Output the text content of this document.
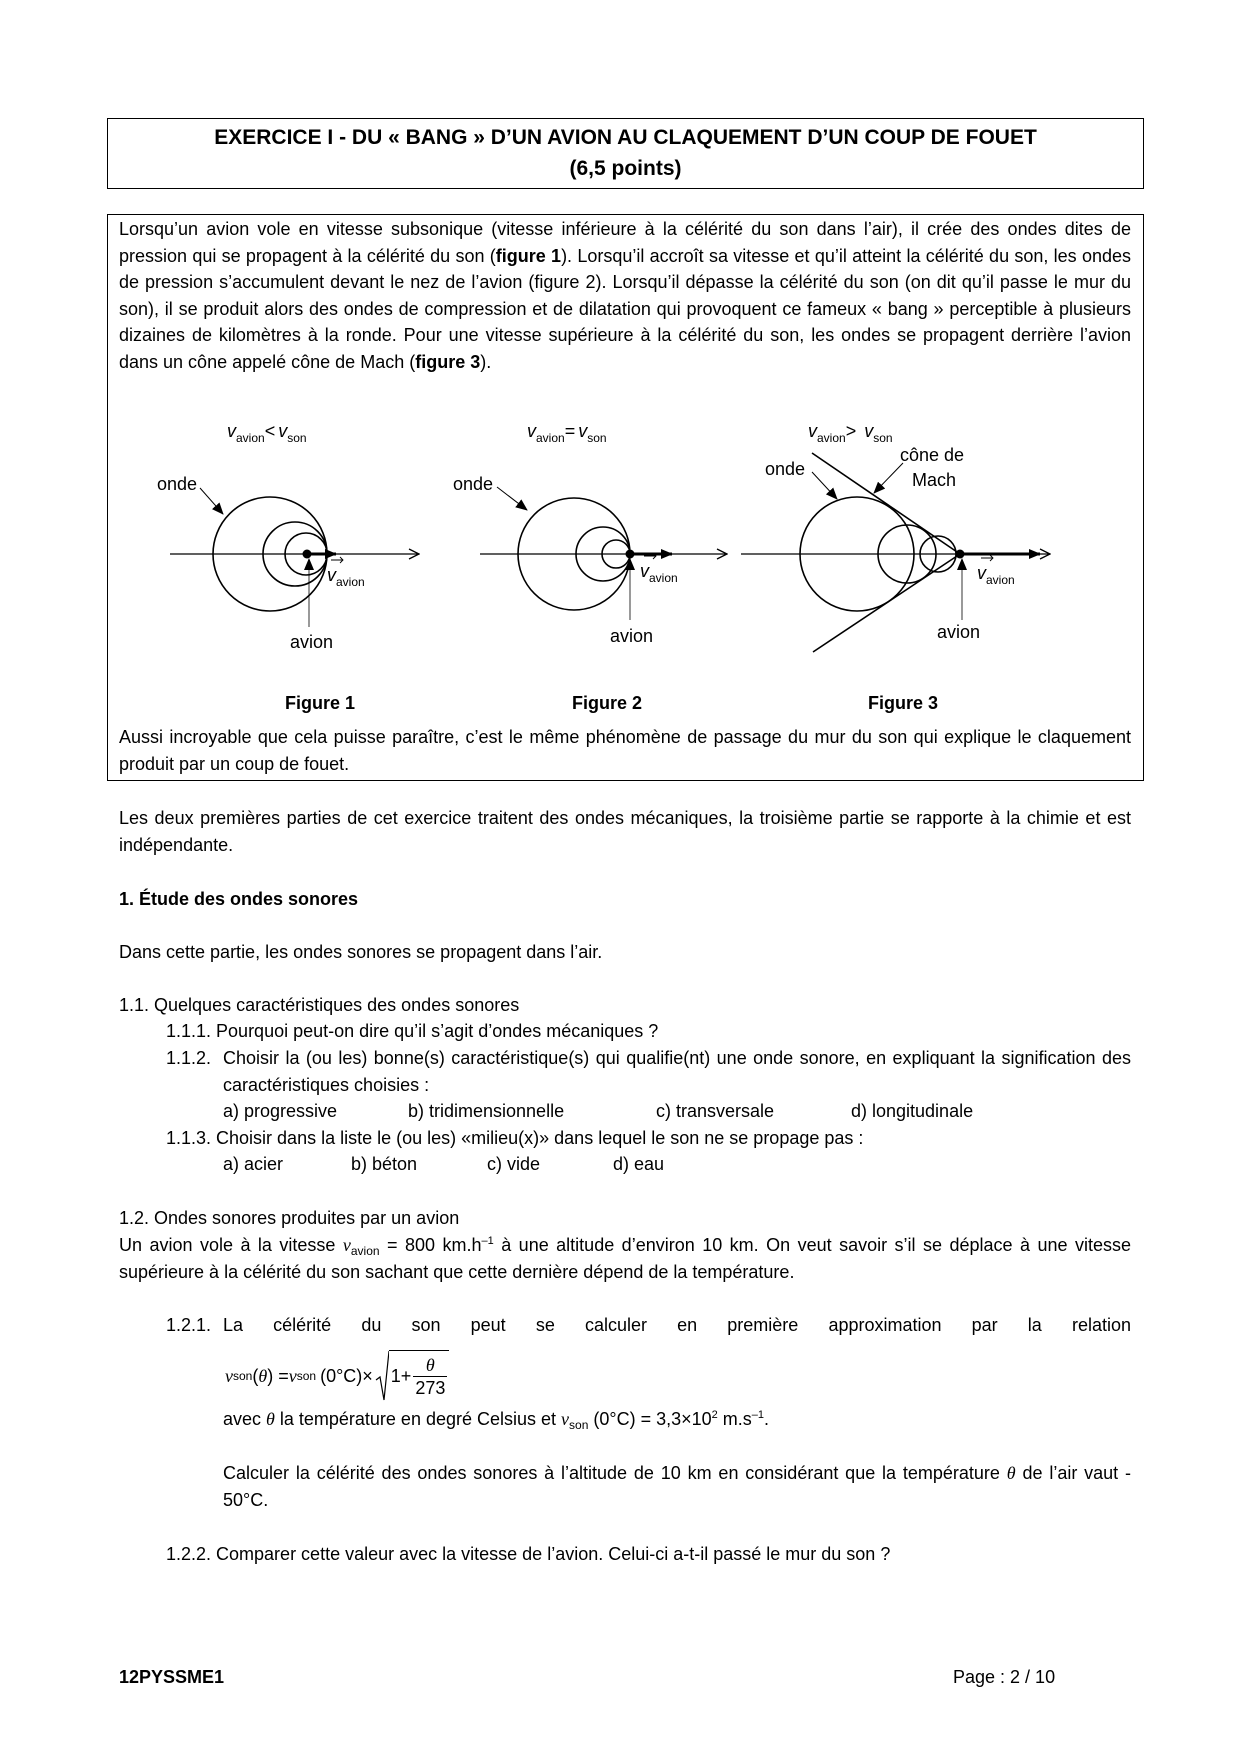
EXERCICE I - DU « BANG » D’UN AVION AU CLAQUEMENT D’UN COUP DE FOUET
(6,5 points)
Lorsqu’un avion vole en vitesse subsonique (vitesse inférieure à la célérité du son dans l’air), il crée des ondes dites de pression qui se propagent à la célérité du son (figure 1). Lorsqu’il accroît sa vitesse et qu’il atteint la célérité du son, les ondes de pression s’accumulent devant le nez de l’avion (figure 2). Lorsqu’il dépasse la célérité du son (on dit qu’il passe le mur du son), il se produit alors des ondes de compression et de dilatation qui provoquent ce fameux « bang » perceptible à plusieurs dizaines de kilomètres à la ronde. Pour une vitesse supérieure à la célérité du son, les ondes se propagent derrière l’avion dans un cône appelé cône de Mach (figure 3).
$v_{avion}< v_{son}$	$v_{avion}= v_{son}$	$v_{avion}> v_{son}$
onde	onde
onde
cône de
Mach
$v_{avion}$
$v_{avion}$	$v_{avion}$
avion	avion	avion
Figure 1	Figure 2	Figure 3
Aussi incroyable que cela puisse paraître, c’est le même phénomène de passage du mur du son qui explique le claquement produit par un coup de fouet.
Les deux premières parties de cet exercice traitent des ondes mécaniques, la troisième partie se rapporte à la chimie et est indépendante.
1. Étude des ondes sonores
Dans cette partie, les ondes sonores se propagent dans l’air.
1.1. Quelques caractéristiques des ondes sonores
1.1.1. Pourquoi peut-on dire qu’il s’agit d’ondes mécaniques ?
1.1.2. Choisir la (ou les) bonne(s) caractéristique(s) qui qualifie(nt) une onde sonore, en expliquant la signification des caractéristiques choisies :
a) progressive	b) tridimensionnelle	c) transversale	d) longitudinale
1.1.3. Choisir dans la liste le (ou les) «milieu(x)» dans lequel le son ne se propage pas :
a) acier	b) béton	c) vide	d) eau
1.2. Ondes sonores produites par un avion
Un avion vole à la vitesse $v_{avion} = 800$ $km.h^{-1}$ à une altitude d’environ 10 km. On veut savoir s’il se déplace à une vitesse supérieure à la célérité du son sachant que cette dernière dépend de la température.
1.2.1. La célérité du son peut se calculer en première approximation par la relation
v son ( θ ) = v son $(0^\circ C) \times 1+ \frac{\theta}{273}$
avec θ la température en degré Celsius et $v_{son}$ $(0^\circ C) = 3,3\times 10^2$ $m.s^{-1}$.
Calculer la célérité des ondes sonores à l’altitude de 10 km en considérant que la température θ de l’air vaut - 50°C.
1.2.2. Comparer cette valeur avec la vitesse de l’avion. Celui-ci a-t-il passé le mur du son ?
12PYSSME1	Page : 2 / 10
